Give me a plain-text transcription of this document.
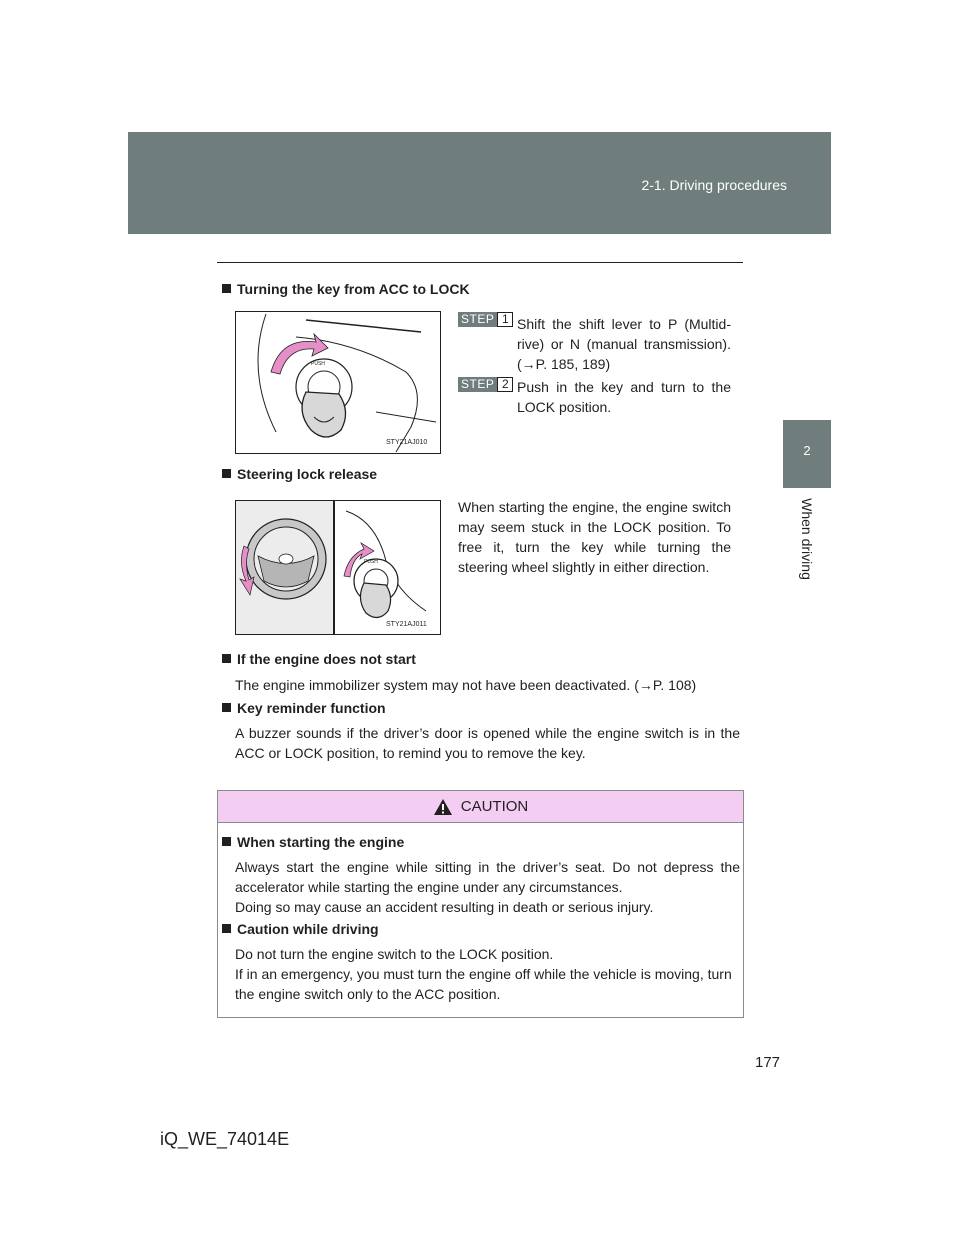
2-1. Driving procedures
2
When driving
Turning the key from ACC to LOCK
PUSH
STY21AJ010
STEP 1 Shift the shift lever to P (Multidrive) or N (manual transmission). (→P. 185, 189)
STEP 2 Push in the key and turn to the LOCK position.
Steering lock release
PUSH
STY21AJ011
When starting the engine, the engine switch may seem stuck in the LOCK position. To free it, turn the key while turning the steering wheel slightly in either direction.
If the engine does not start
The engine immobilizer system may not have been deactivated. (→P. 108)
Key reminder function
A buzzer sounds if the driver’s door is opened while the engine switch is in the ACC or LOCK position, to remind you to remove the key.
CAUTION
When starting the engine
Always start the engine while sitting in the driver’s seat. Do not depress the accelerator while starting the engine under any circumstances.
Doing so may cause an accident resulting in death or serious injury.
Caution while driving
Do not turn the engine switch to the LOCK position.
If in an emergency, you must turn the engine off while the vehicle is moving, turn the engine switch only to the ACC position.
177
iQ_WE_74014E
